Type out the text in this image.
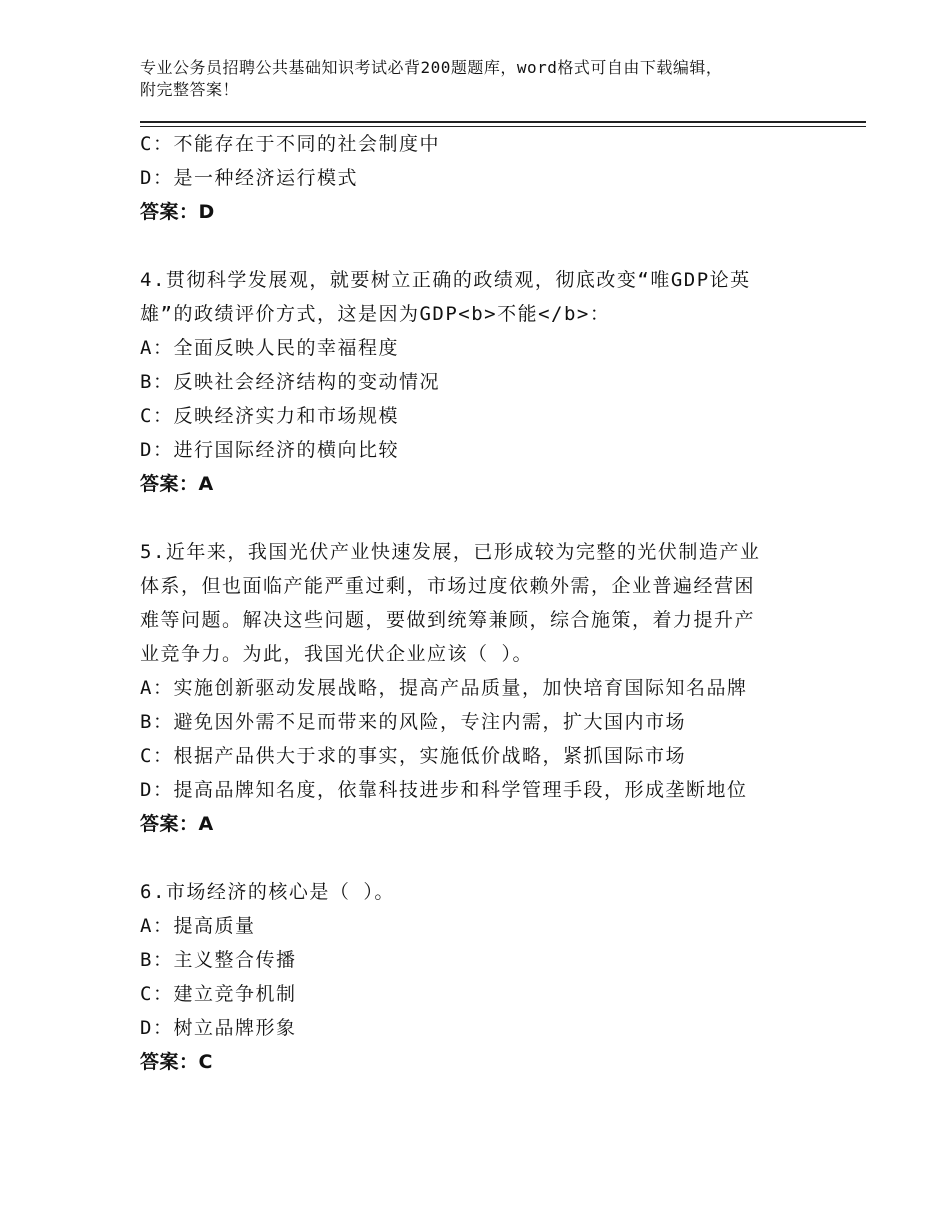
专业公务员招聘公共基础知识考试必背200题题库，word格式可自由下载编辑，
附完整答案！
C：不能存在于不同的社会制度中
D：是一种经济运行模式
答案：D
4.贯彻科学发展观，就要树立正确的政绩观，彻底改变“唯GDP论英
雄”的政绩评价方式，这是因为GDP<b>不能</b>：
A：全面反映人民的幸福程度
B：反映社会经济结构的变动情况
C：反映经济实力和市场规模
D：进行国际经济的横向比较
答案：A
5.近年来，我国光伏产业快速发展，已形成较为完整的光伏制造产业
体系，但也面临产能严重过剩，市场过度依赖外需，企业普遍经营困
难等问题。解决这些问题，要做到统筹兼顾，综合施策，着力提升产
业竞争力。为此，我国光伏企业应该（ ）。
A：实施创新驱动发展战略，提高产品质量，加快培育国际知名品牌
B：避免因外需不足而带来的风险，专注内需，扩大国内市场
C：根据产品供大于求的事实，实施低价战略，紧抓国际市场
D：提高品牌知名度，依靠科技进步和科学管理手段，形成垄断地位
答案：A
6.市场经济的核心是（ ）。
A：提高质量
B：主义整合传播
C：建立竞争机制
D：树立品牌形象
答案：C
